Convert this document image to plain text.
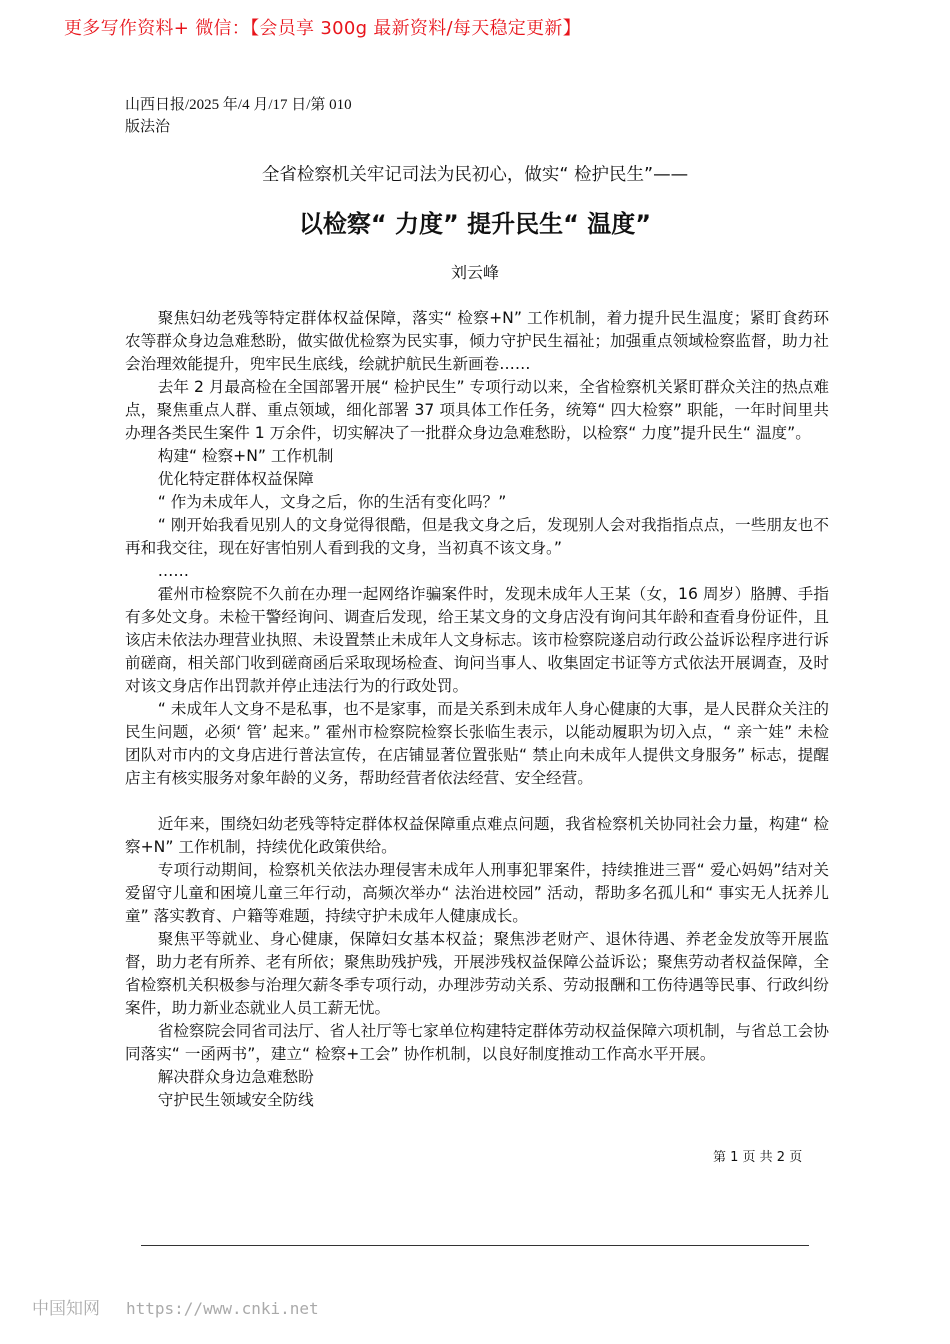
更多写作资料+ 微信：【会员享 300g 最新资料/每天稳定更新】
山西日报/2025 年/4 月/17 日/第 010
版法治
全省检察机关牢记司法为民初心，做实“ 检护民生”——
以检察“ 力度” 提升民生“ 温度”
刘云峰

聚焦妇幼老残等特定群体权益保障，落实“ 检察+N” 工作机制，着力提升民生温度；紧盯食药环农等群众身边急难愁盼，做实做优检察为民实事，倾力守护民生福祉；加强重点领域检察监督，助力社会治理效能提升，兜牢民生底线，绘就护航民生新画卷……

去年 2 月最高检在全国部署开展“ 检护民生” 专项行动以来，全省检察机关紧盯群众关注的热点难点，聚焦重点人群、重点领域，细化部署 37 项具体工作任务，统筹“ 四大检察” 职能，一年时间里共办理各类民生案件 1 万余件，切实解决了一批群众身边急难愁盼，以检察“ 力度”提升民生“ 温度”。

构建“ 检察+N” 工作机制

优化特定群体权益保障

“ 作为未成年人，文身之后，你的生活有变化吗？”

“ 刚开始我看见别人的文身觉得很酷，但是我文身之后，发现别人会对我指指点点，一些朋友也不再和我交往，现在好害怕别人看到我的文身，当初真不该文身。”

……

霍州市检察院不久前在办理一起网络诈骗案件时，发现未成年人王某（女，16 周岁）胳膊、手指有多处文身。未检干警经询问、调查后发现，给王某文身的文身店没有询问其年龄和查看身份证件，且该店未依法办理营业执照、未设置禁止未成年人文身标志。该市检察院遂启动行政公益诉讼程序进行诉前磋商，相关部门收到磋商函后采取现场检查、询问当事人、收集固定书证等方式依法开展调查，及时对该文身店作出罚款并停止违法行为的行政处罚。

“ 未成年人文身不是私事，也不是家事，而是关系到未成年人身心健康的大事，是人民群众关注的民生问题，必须‘ 管’ 起来。” 霍州市检察院检察长张临生表示，以能动履职为切入点，“ 亲亠娃” 未检团队对市内的文身店进行普法宣传，在店铺显著位置张贴“ 禁止向未成年人提供文身服务” 标志，提醒店主有核实服务对象年龄的义务，帮助经营者依法经营、安全经营。

近年来，围绕妇幼老残等特定群体权益保障重点难点问题，我省检察机关协同社会力量，构建“ 检察+N” 工作机制，持续优化政策供给。

专项行动期间，检察机关依法办理侵害未成年人刑事犯罪案件，持续推进三晋“ 爱心妈妈”结对关爱留守儿童和困境儿童三年行动，高频次举办“ 法治进校园” 活动，帮助多名孤儿和“ 事实无人抚养儿童” 落实教育、户籍等难题，持续守护未成年人健康成长。

聚焦平等就业、身心健康，保障妇女基本权益；聚焦涉老财产、退休待遇、养老金发放等开展监督，助力老有所养、老有所依；聚焦助残护残，开展涉残权益保障公益诉讼；聚焦劳动者权益保障，全省检察机关积极参与治理欠薪冬季专项行动，办理涉劳动关系、劳动报酬和工伤待遇等民事、行政纠纷案件，助力新业态就业人员工薪无忧。

省检察院会同省司法厅、省人社厅等七家单位构建特定群体劳动权益保障六项机制，与省总工会协同落实“ 一函两书”，建立“ 检察+工会” 协作机制，以良好制度推动工作高水平开展。

解决群众身边急难愁盼

守护民生领域安全防线

第 1 页 共 2 页
中国知网 https://www.cnki.net
